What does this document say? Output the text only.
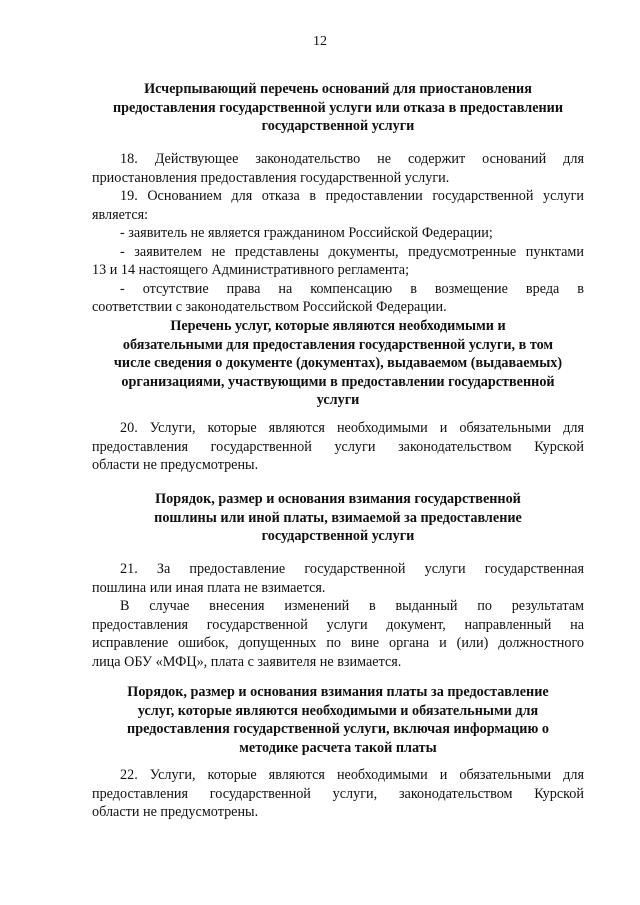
12
Исчерпывающий перечень оснований для приостановления
предоставления государственной услуги или отказа в предоставлении
государственной услуги
18. Действующее законодательство не содержит оснований для
приостановления предоставления государственной услуги.
19. Основанием для отказа в предоставлении государственной услуги
является:
- заявитель не является гражданином Российской Федерации;
- заявителем не представлены документы, предусмотренные пунктами
13 и 14 настоящего Административного регламента;
- отсутствие права на компенсацию в возмещение вреда в
соответствии с законодательством Российской Федерации.
Перечень услуг, которые являются необходимыми и
обязательными для предоставления государственной услуги, в том
числе сведения о документе (документах), выдаваемом (выдаваемых)
организациями, участвующими в предоставлении государственной
услуги
20. Услуги, которые являются необходимыми и обязательными для
предоставления государственной услуги законодательством Курской
области не предусмотрены.
Порядок, размер и основания взимания государственной
пошлины или иной платы, взимаемой за предоставление
государственной услуги
21. За предоставление государственной услуги государственная
пошлина или иная плата не взимается.
В случае внесения изменений в выданный по результатам
предоставления государственной услуги документ, направленный на
исправление ошибок, допущенных по вине органа и (или) должностного
лица ОБУ «МФЦ», плата с заявителя не взимается.
Порядок, размер и основания взимания платы за предоставление
услуг, которые являются необходимыми и обязательными для
предоставления государственной услуги, включая информацию о
методике расчета такой платы
22. Услуги, которые являются необходимыми и обязательными для
предоставления государственной услуги, законодательством Курской
области не предусмотрены.
